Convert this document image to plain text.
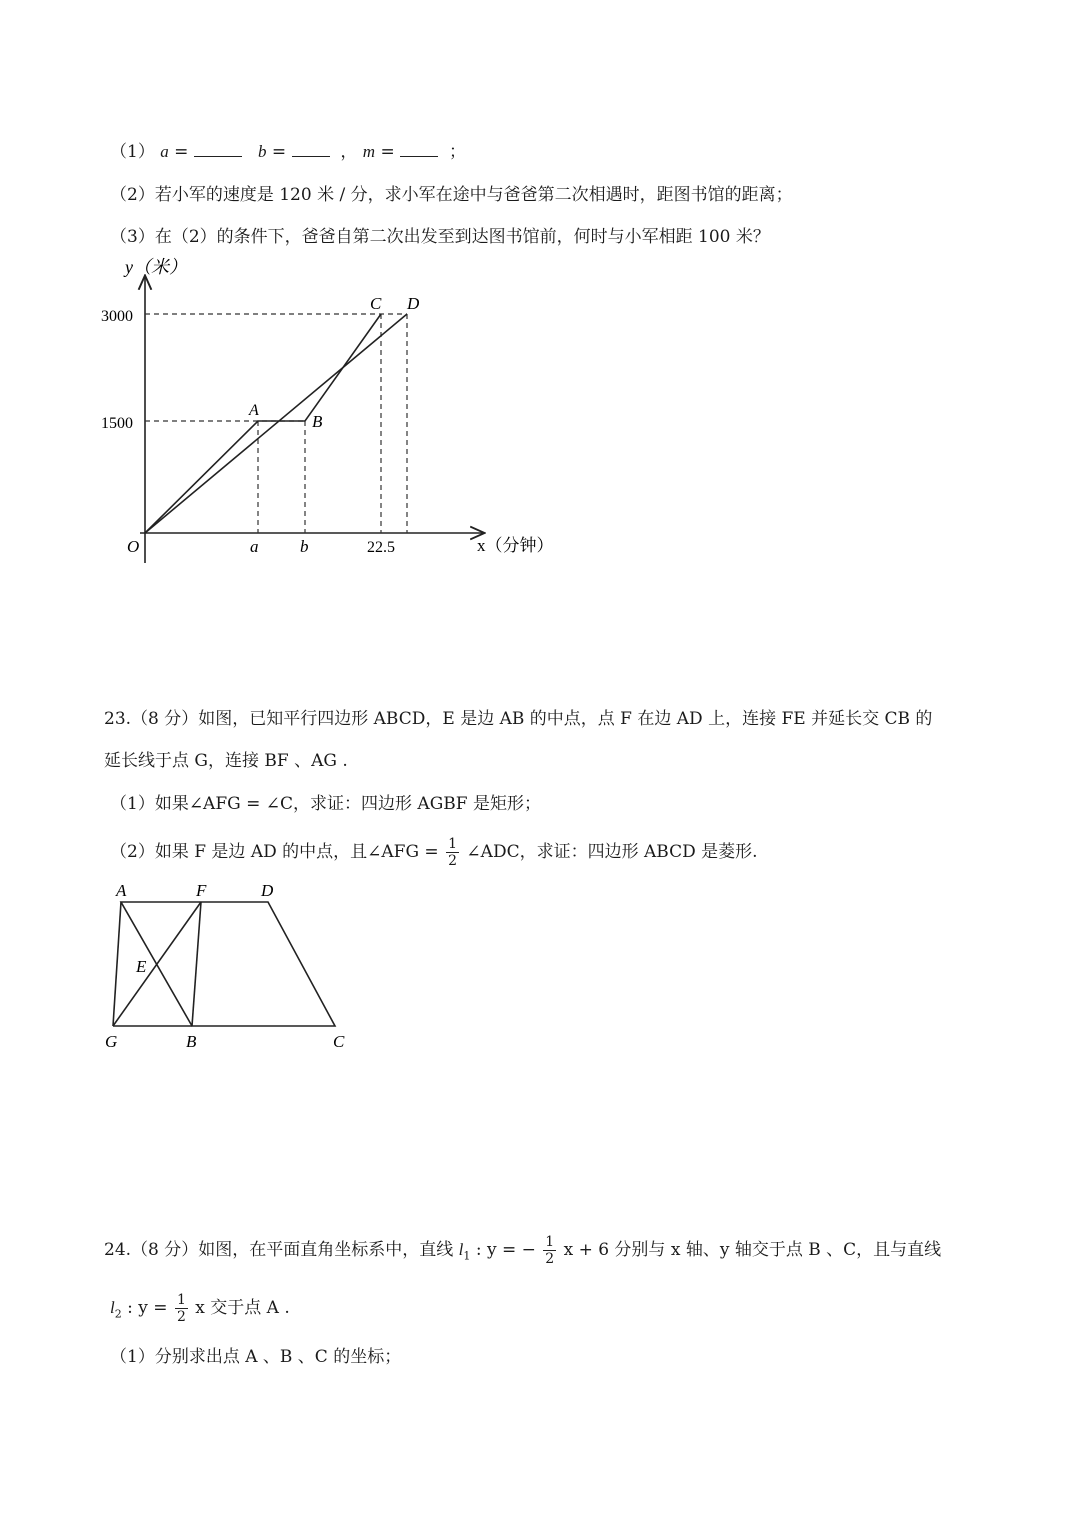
（1） a =	b =   ， m =   ；
（2）若小军的速度是 120 米 / 分，求小军在途中与爸爸第二次相遇时，距图书馆的距离；
（3）在（2）的条件下，爸爸自第二次出发至到达图书馆前，何时与小军相距 100 米？
y（米）
x（分钟）
O
3000
1500
a b	22.5
A
B
C D
23.（8 分）如图，已知平行四边形 ABCD，E 是边 AB 的中点，点 F 在边 AD 上，连接 FE 并延长交 CB 的
延长线于点 G，连接 BF 、AG .
（1）如果∠AFG = ∠C，求证：四边形 AGBF 是矩形；
（2）如果 F 是边 AD 的中点，且∠AFG = $\frac{1}{2}$ ∠ADC，求证：四边形 ABCD 是菱形.
A	F	D
E
G	B	C
24.（8 分）如图，在平面直角坐标系中，直线 $l_1$ : y = − $\frac{1}{2}$ x + 6 分别与 x 轴、y 轴交于点 B 、C，且与直线
$l_2$ : $y = \frac{1}{2}$ x 交于点 A .
（1）分别求出点 A 、B 、C 的坐标；
